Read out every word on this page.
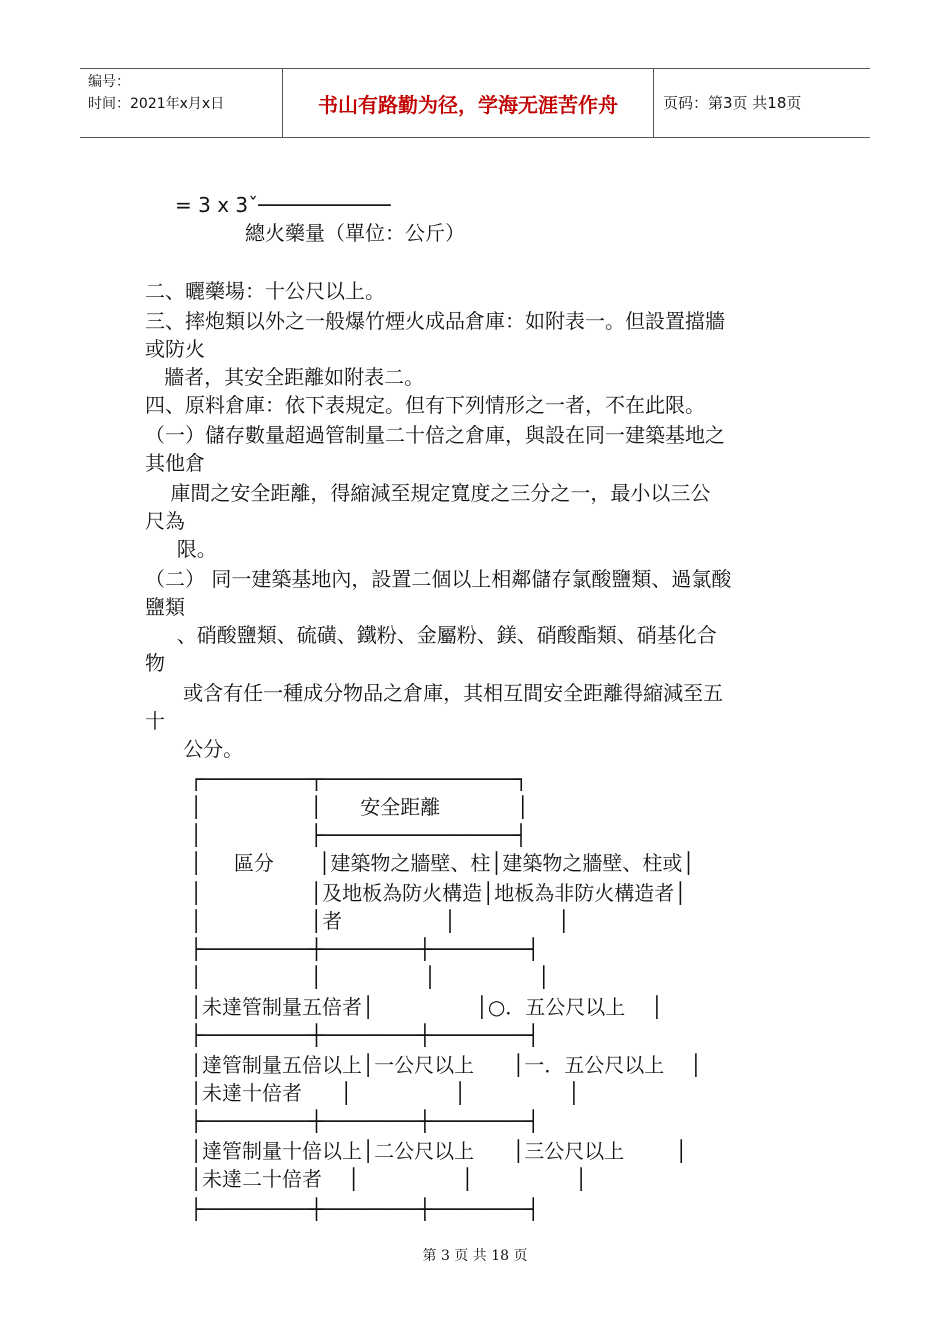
编号：
时间：2021年x月x日	书山有路勤为径，学海无涯苦作舟	页码：第3页 共18页
= 3 x 3ˇ───────────
總火藥量（單位：公斤）
二、曬藥場：十公尺以上。
三、摔炮類以外之一般爆竹煙火成品倉庫：如附表一。但設置擋牆
或防火
牆者，其安全距離如附表二。
四、原料倉庫：依下表規定。但有下列情形之一者，不在此限。
（一）儲存數量超過管制量二十倍之倉庫，與設在同一建築基地之
其他倉
庫間之安全距離，得縮減至規定寬度之三分之一，最小以三公
尺為
限。
（二） 同一建築基地內，設置二個以上相鄰儲存氯酸鹽類、過氯酸
鹽類
、硝酸鹽類、硫磺、鐵粉、金屬粉、鎂、硝酸酯類、硝基化合
物
或含有任一種成分物品之倉庫，其相互間安全距離得縮減至五
十
公分。
┌─────────┬────────────────┐
│                 │      安全距離            │
│                 ├────────────────┤
│     區分       │建築物之牆壁、柱│建築物之牆壁、柱或│
│                 │及地板為防火構造│地板為非防火構造者│
│                 │者                │                │
├─────────┼────────┼────────┤
│                 │                │                │
│未達管制量五倍者│                │○．五公尺以上    │
├─────────┼────────┼────────┤
│達管制量五倍以上│一公尺以上      │一．五公尺以上    │
│未達十倍者      │                │                │
├─────────┼────────┼────────┤
│達管制量十倍以上│二公尺以上      │三公尺以上        │
│未達二十倍者    │                │                │
├─────────┼────────┼────────┤
第 3 页 共 18 页
